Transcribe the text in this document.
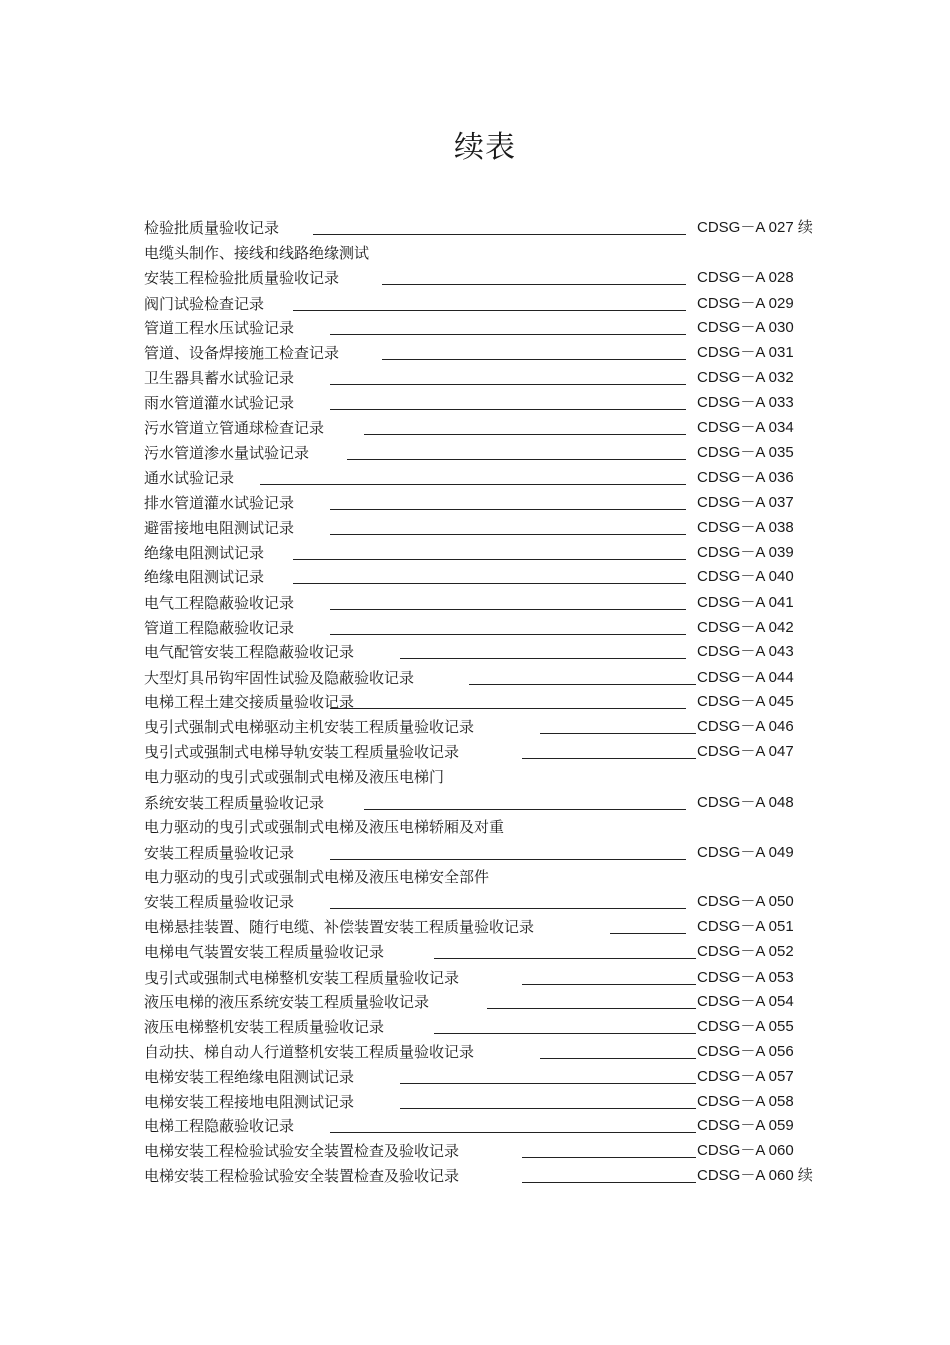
续表
检验批质量验收记录	CDSG－A 027 续
电缆头制作、接线和线路绝缘测试
安装工程检验批质量验收记录	CDSG－A 028
阀门试验检查记录	CDSG－A 029
管道工程水压试验记录	CDSG－A 030
管道、设备焊接施工检查记录	CDSG－A 031
卫生器具蓄水试验记录	CDSG－A 032
雨水管道灌水试验记录	CDSG－A 033
污水管道立管通球检查记录	CDSG－A 034
污水管道渗水量试验记录	CDSG－A 035
通水试验记录	CDSG－A 036
排水管道灌水试验记录	CDSG－A 037
避雷接地电阻测试记录	CDSG－A 038
绝缘电阻测试记录	CDSG－A 039
绝缘电阻测试记录	CDSG－A 040
电气工程隐蔽验收记录	CDSG－A 041
管道工程隐蔽验收记录	CDSG－A 042
电气配管安装工程隐蔽验收记录	CDSG－A 043
大型灯具吊钩牢固性试验及隐蔽验收记录	CDSG－A 044
电梯工程土建交接质量验收记录	CDSG－A 045
曳引式强制式电梯驱动主机安装工程质量验收记录	CDSG－A 046
曳引式或强制式电梯导轨安装工程质量验收记录	CDSG－A 047
电力驱动的曳引式或强制式电梯及液压电梯门
系统安装工程质量验收记录	CDSG－A 048
电力驱动的曳引式或强制式电梯及液压电梯轿厢及对重
安装工程质量验收记录	CDSG－A 049
电力驱动的曳引式或强制式电梯及液压电梯安全部件
安装工程质量验收记录	CDSG－A 050
电梯悬挂装置、随行电缆、补偿装置安装工程质量验收记录	CDSG－A 051
电梯电气装置安装工程质量验收记录	CDSG－A 052
曳引式或强制式电梯整机安装工程质量验收记录	CDSG－A 053
液压电梯的液压系统安装工程质量验收记录	CDSG－A 054
液压电梯整机安装工程质量验收记录	CDSG－A 055
自动扶、梯自动人行道整机安装工程质量验收记录	CDSG－A 056
电梯安装工程绝缘电阻测试记录	CDSG－A 057
电梯安装工程接地电阻测试记录	CDSG－A 058
电梯工程隐蔽验收记录	CDSG－A 059
电梯安装工程检验试验安全装置检查及验收记录	CDSG－A 060
电梯安装工程检验试验安全装置检查及验收记录	CDSG－A 060 续
